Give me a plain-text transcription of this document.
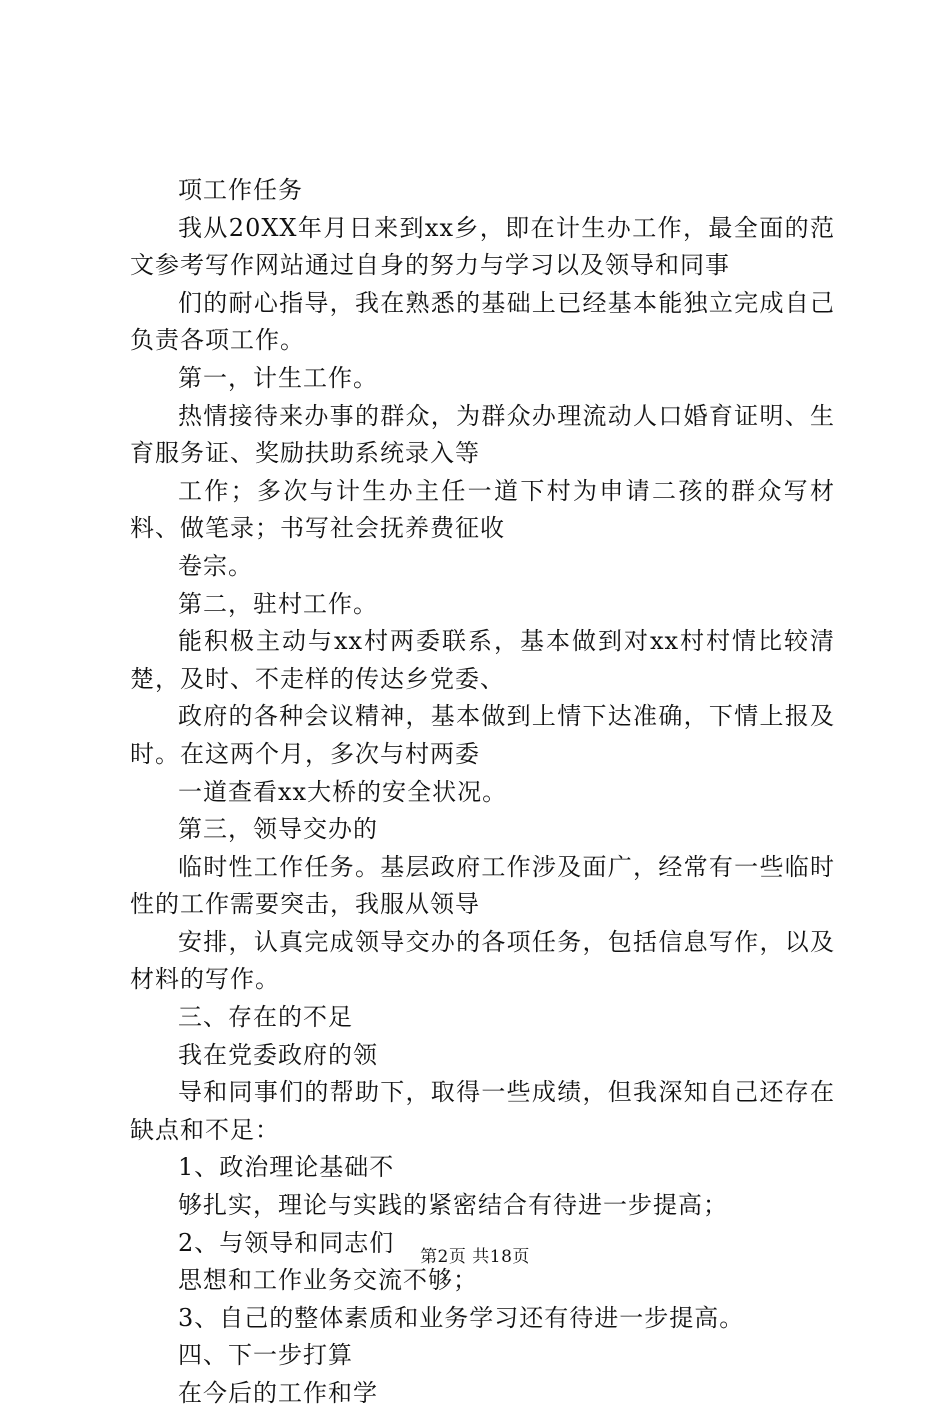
项工作任务

我从20XX年月日来到xx乡，即在计生办工作，最全面的范文参考写作网站通过自身的努力与学习以及领导和同事

们的耐心指导，我在熟悉的基础上已经基本能独立完成自己负责各项工作。

第一，计生工作。

热情接待来办事的群众，为群众办理流动人口婚育证明、生育服务证、奖励扶助系统录入等

工作；多次与计生办主任一道下村为申请二孩的群众写材料、做笔录；书写社会抚养费征收

卷宗。

第二，驻村工作。

能积极主动与xx村两委联系，基本做到对xx村村情比较清楚，及时、不走样的传达乡党委、

政府的各种会议精神，基本做到上情下达准确，下情上报及时。在这两个月，多次与村两委

一道查看xx大桥的安全状况。

第三，领导交办的

临时性工作任务。基层政府工作涉及面广，经常有一些临时性的工作需要突击，我服从领导

安排，认真完成领导交办的各项任务，包括信息写作，以及材料的写作。

三、存在的不足

我在党委政府的领

导和同事们的帮助下，取得一些成绩，但我深知自己还存在缺点和不足：

1、政治理论基础不

够扎实，理论与实践的紧密结合有待进一步提高；

2、与领导和同志们

思想和工作业务交流不够；

3、自己的整体素质和业务学习还有待进一步提高。

四、下一步打算

在今后的工作和学

第2页 共18页
